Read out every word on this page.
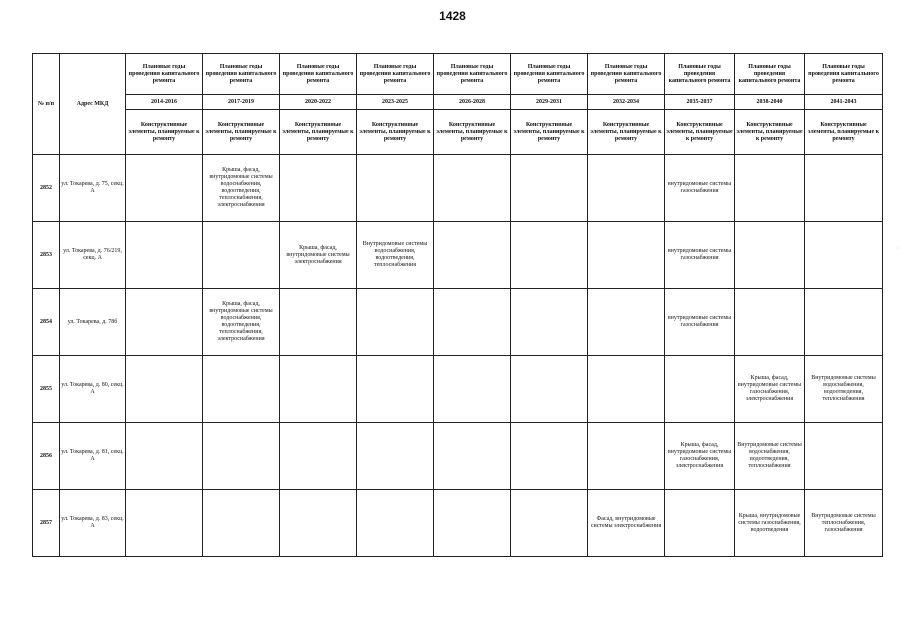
1428
№ п/п	Адрес МКД	Плановые годы проведения капитального ремонта	Плановые годы проведения капитального ремонта	Плановые годы проведения капитального ремонта	Плановые годы проведения капитального ремонта	Плановые годы проведения капитального ремонта	Плановые годы проведения капитального ремонта	Плановые годы проведения капитального ремонта	Плановые годы проведения капитального ремонта	Плановые годы проведения капитального ремонта	Плановые годы проведения капитального ремонта
		2014-2016	2017-2019	2020-2022	2023-2025	2026-2028	2029-2031	2032-2034	2035-2037	2038-2040	2041-2043
		Конструктивные элементы, планируемые к ремонту	Конструктивные элементы, планируемые к ремонту	Конструктивные элементы, планируемые к ремонту	Конструктивные элементы, планируемые к ремонту	Конструктивные элементы, планируемые к ремонту	Конструктивные элементы, планируемые к ремонту	Конструктивные элементы, планируемые к ремонту	Конструктивные элементы, планируемые к ремонту	Конструктивные элементы, планируемые к ремонту	Конструктивные элементы, планируемые к ремонту
2852	ул. Токарева, д. 75, секц. А		Крыша, фасад, внутридомовые системы водоснабжения, водоотведения, теплоснабжения, электроснабжения						внутридомовые системы газоснабжения		
2853	ул. Токарева, д. 76/219, секц. А			Крыша, фасад, внутридомовые системы электроснабжения	Внутридомовые системы водоснабжения, водоотведения, теплоснабжения				внутридомовые системы газоснабжения		
2854	ул. Токарева, д. 78б		Крыша, фасад, внутридомовые системы водоснабжения, водоотведения, теплоснабжения, электроснабжения						внутридомовые системы газоснабжения		
2855	ул. Токарева, д. 80, секц. А									Крыша, фасад, внутридомовые системы газоснабжения, электроснабжения	Внутридомовые системы водоснабжения, водоотведения, теплоснабжения
2856	ул. Токарева, д. 81, секц. А								Крыша, фасад, внутридомовые системы газоснабжения, электроснабжения	Внутридомовые системы водоснабжения, водоотведения, теплоснабжения	
2857	ул. Токарева, д. 83, секц. А							Фасад, внутридомовые системы электроснабжения		Крыша, внутридомовые системы газоснабжения, водоотведения	Внутридомовые системы теплоснабжения, газоснабжения
·
